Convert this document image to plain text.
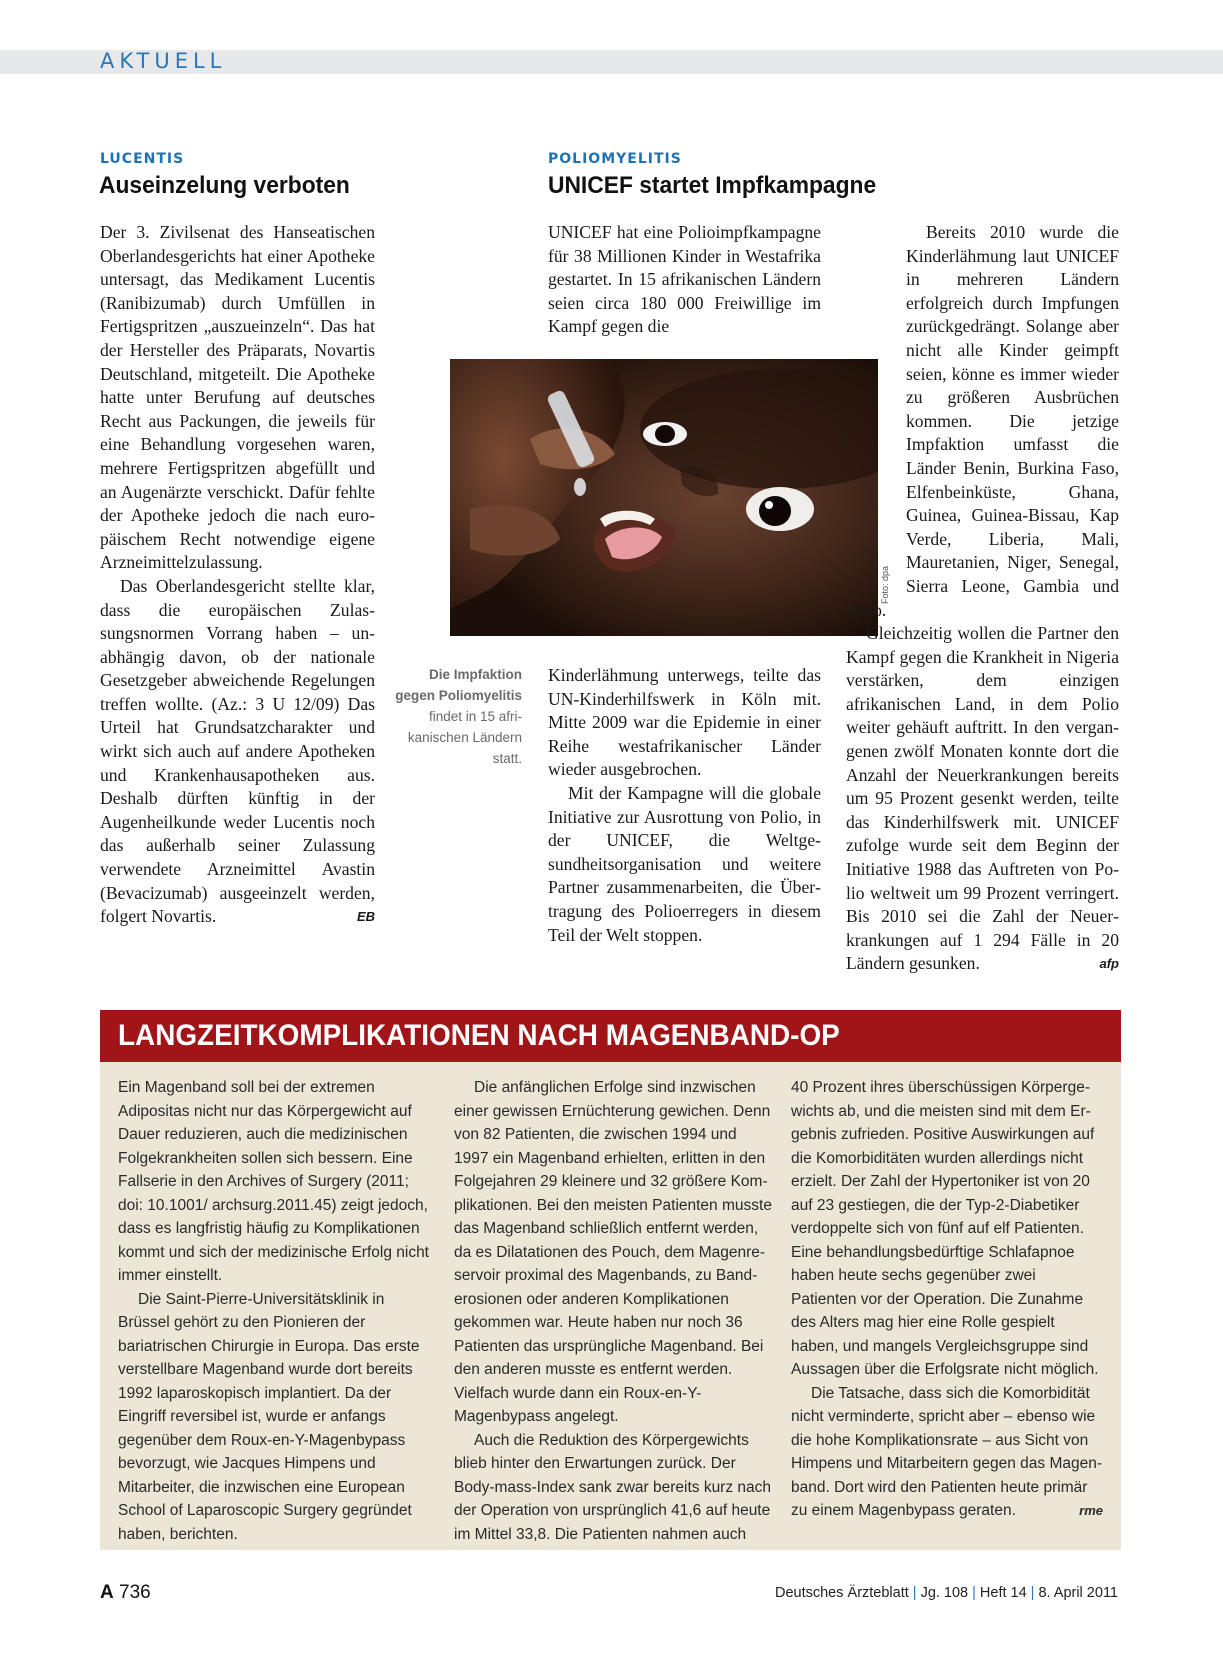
AKTUELL
LUCENTIS
Auseinzelung verboten

Der 3. Zivilsenat des Hanseatischen Oberlandesgerichts hat einer Apotheke untersagt, das Medikament Lucentis (Ranibizumab) durch Umfüllen in Fertigspritzen „auszueinzeln“. Das hat der Hersteller des Präparats, Novartis Deutschland, mitgeteilt. Die Apotheke hatte unter Berufung auf deutsches Recht aus Packungen, die jeweils für eine Behandlung vorgesehen waren, mehrere Fertigspritzen abgefüllt und an Augenärzte verschickt. Dafür fehlte der Apotheke jedoch die nach europäischem Recht notwendige eigene Arzneimittelzulassung.

Das Oberlandesgericht stellte klar, dass die europäischen Zulassungsnormen Vorrang haben – unabhängig davon, ob der nationale Gesetzgeber abweichende Regelungen treffen wollte. (Az.: 3 U 12/09) Das Urteil hat Grundsatzcharakter und wirkt sich auch auf andere Apotheken und Krankenhausapotheken aus. Deshalb dürften künftig in der Augenheilkunde weder Lucentis noch das außerhalb seiner Zulassung verwendete Arzneimittel Avastin (Bevacizumab) ausgeeinzelt werden, folgert Novartis.	EB

POLIOMYELITIS
UNICEF startet Impfkampagne

UNICEF hat eine Polioimpfkampagne für 38 Millionen Kinder in Westafrika gestartet. In 15 afrikanischen Ländern seien circa 180 000 Freiwillige im Kampf gegen die

Foto: dpa
Die Impfaktion gegen Poliomyelitis findet in 15 afrikanischen Ländern statt.

Kinderlähmung unterwegs, teilte das UN-Kinderhilfswerk in Köln mit. Mitte 2009 war die Epidemie in einer Reihe westafrikanischer Länder wieder ausgebrochen.

Mit der Kampagne will die globale Initiative zur Ausrottung von Polio, in der UNICEF, die Weltgesundheitsorganisation und weitere Partner zusammenarbeiten, die Übertragung des Polioerregers in diesem Teil der Welt stoppen.

Bereits 2010 wurde die Kinderlähmung laut UNICEF in mehreren Ländern erfolgreich durch Impfungen zurückgedrängt. Solange aber nicht alle Kinder geimpft seien, könne es immer wieder zu größeren Ausbrüchen kommen. Die jetzige Impfaktion umfasst die Länder Benin, Burkina Faso, Elfenbeinküste, Ghana, Guinea, Guinea-Bissau, Kap Verde, Liberia, Mali, Mauretanien, Niger, Senegal, Sierra Leone, Gambia und Togo.

Gleichzeitig wollen die Partner den Kampf gegen die Krankheit in Nigeria verstärken, dem einzigen afrikanischen Land, in dem Polio weiter gehäuft auftritt. In den vergangenen zwölf Monaten konnte dort die Anzahl der Neuerkrankungen bereits um 95 Prozent gesenkt werden, teilte das Kinderhilfswerk mit. UNICEF zufolge wurde seit dem Beginn der Initiative 1988 das Auftreten von Polio weltweit um 99 Prozent verringert. Bis 2010 sei die Zahl der Neuerkrankungen auf 1 294 Fälle in 20 Ländern gesunken.	afp

LANGZEITKOMPLIKATIONEN NACH MAGENBAND-OP

Ein Magenband soll bei der extremen Adipositas nicht nur das Körpergewicht auf Dauer reduzieren, auch die medizinischen Folgekrankheiten sollen sich bessern. Eine Fallserie in den Archives of Surgery (2011; doi: 10.1001/ archsurg.2011.45) zeigt jedoch, dass es langfristig häufig zu Komplikationen kommt und sich der medizinische Erfolg nicht immer einstellt.

Die Saint-Pierre-Universitätsklinik in Brüssel gehört zu den Pionieren der bariatrischen Chirurgie in Europa. Das erste verstellbare Magenband wurde dort bereits 1992 laparoskopisch implantiert. Da der Eingriff reversibel ist, wurde er anfangs gegenüber dem Roux-en-Y-Magenbypass bevorzugt, wie Jacques Himpens und Mitarbeiter, die inzwischen eine European School of Laparoscopic Surgery gegründet haben, berichten.

Die anfänglichen Erfolge sind inzwischen einer gewissen Ernüchterung gewichen. Denn von 82 Patienten, die zwischen 1994 und 1997 ein Magenband erhielten, erlitten in den Folgejahren 29 kleinere und 32 größere Komplikationen. Bei den meisten Patienten musste das Magenband schließlich entfernt werden, da es Dilatationen des Pouch, dem Magenreservoir proximal des Magenbands, zu Banderosionen oder anderen Komplikationen gekommen war. Heute haben nur noch 36 Patienten das ursprüngliche Magenband. Bei den anderen musste es entfernt werden. Vielfach wurde dann ein Roux-en-Y-Magenbypass angelegt.

Auch die Reduktion des Körpergewichts blieb hinter den Erwartungen zurück. Der Body-mass-Index sank zwar bereits kurz nach der Operation von ursprünglich 41,6 auf heute im Mittel 33,8. Die Patienten nahmen auch

40 Prozent ihres überschüssigen Körpergewichts ab, und die meisten sind mit dem Ergebnis zufrieden. Positive Auswirkungen auf die Komorbiditäten wurden allerdings nicht erzielt. Der Zahl der Hypertoniker ist von 20 auf 23 gestiegen, die der Typ-2-Diabetiker verdoppelte sich von fünf auf elf Patienten. Eine behandlungsbedürftige Schlafapnoe haben heute sechs gegenüber zwei Patienten vor der Operation. Die Zunahme des Alters mag hier eine Rolle gespielt haben, und mangels Vergleichsgruppe sind Aussagen über die Erfolgsrate nicht möglich.

Die Tatsache, dass sich die Komorbidität nicht verminderte, spricht aber – ebenso wie die hohe Komplikationsrate – aus Sicht von Himpens und Mitarbeitern gegen das Magenband. Dort wird den Patienten heute primär zu einem Magenbypass geraten.	rme

A 736	Deutsches Ärzteblatt | Jg. 108 | Heft 14 | 8. April 2011
